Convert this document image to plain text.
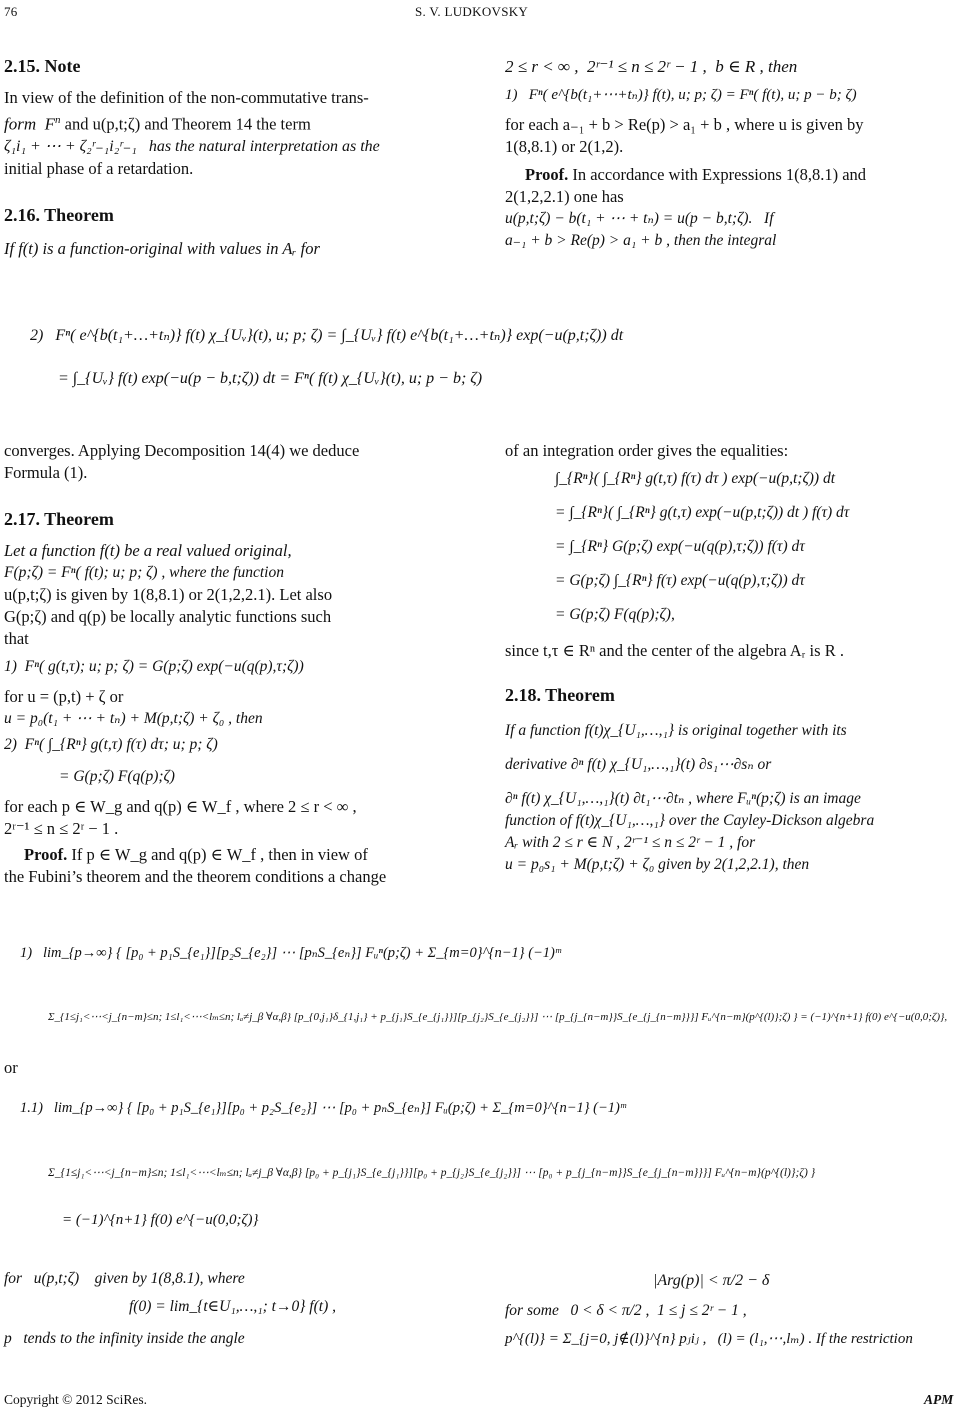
76	S. V. LUDKOVSKY

2.15. Note

In view of the definition of the non-commutative trans-

form  $F^n$ and u(p,t;ζ) and Theorem 14 the term

ζ₁i₁ + ⋯ + ζ₂ʳ₋₁i₂ʳ₋₁   has the natural interpretation as the

initial phase of a retardation.

2.16. Theorem

If f(t) is a function-original with values in Aᵣ for

2 ≤ r < ∞ ,  2ʳ⁻¹ ≤ n ≤ 2ʳ − 1 ,  b ∈ R , then

1)   Fⁿ( e^{b(t₁+⋯+tₙ)} f(t), u; p; ζ) = Fⁿ( f(t), u; p − b; ζ)

for each a₋₁ + b > Re(p) > a₁ + b , where u is given by

1(8,8.1) or 2(1,2).

Proof. In accordance with Expressions 1(8,8.1) and

2(1,2,2.1) one has

u(p,t;ζ) − b(t₁ + ⋯ + tₙ) = u(p − b,t;ζ).   If

a₋₁ + b > Re(p) > a₁ + b , then the integral

2)   Fⁿ( e^{b(t₁+…+tₙ)} f(t) χ_{Uᵥ}(t), u; p; ζ) = ∫_{Uᵥ} f(t) e^{b(t₁+…+tₙ)} exp(−u(p,t;ζ)) dt
= ∫_{Uᵥ} f(t) exp(−u(p − b,t;ζ)) dt = Fⁿ( f(t) χ_{Uᵥ}(t), u; p − b; ζ)

converges. Applying Decomposition 14(4) we deduce

Formula (1).

2.17. Theorem

Let a function f(t) be a real valued original,

F(p;ζ) = Fⁿ( f(t); u; p; ζ) , where the function

u(p,t;ζ) is given by 1(8,8.1) or 2(1,2,2.1). Let also

G(p;ζ) and q(p) be locally analytic functions such

that

1)  Fⁿ( g(t,τ); u; p; ζ) = G(p;ζ) exp(−u(q(p),τ;ζ))

for u = (p,t) + ζ or

u = p₀(t₁ + ⋯ + tₙ) + M(p,t;ζ) + ζ₀ , then

2)  Fⁿ( ∫_{Rⁿ} g(t,τ) f(τ) dτ; u; p; ζ)

= G(p;ζ) F(q(p);ζ)

for each p ∈ W_g and q(p) ∈ W_f , where 2 ≤ r < ∞ ,

2ʳ⁻¹ ≤ n ≤ 2ʳ − 1 .

Proof. If p ∈ W_g and q(p) ∈ W_f , then in view of

the Fubini’s theorem and the theorem conditions a change

of an integration order gives the equalities:

∫_{Rⁿ}( ∫_{Rⁿ} g(t,τ) f(τ) dτ ) exp(−u(p,t;ζ)) dt

= ∫_{Rⁿ}( ∫_{Rⁿ} g(t,τ) exp(−u(p,t;ζ)) dt ) f(τ) dτ

= ∫_{Rⁿ} G(p;ζ) exp(−u(q(p),τ;ζ)) f(τ) dτ

= G(p;ζ) ∫_{Rⁿ} f(τ) exp(−u(q(p),τ;ζ)) dτ

= G(p;ζ) F(q(p);ζ),

since t,τ ∈ Rⁿ and the center of the algebra Aᵣ is R .

2.18. Theorem

If a function f(t)χ_{U₁,…,₁} is original together with its

derivative ∂ⁿ f(t) χ_{U₁,…,₁}(t) ∂s₁⋯∂sₙ or

∂ⁿ f(t) χ_{U₁,…,₁}(t) ∂t₁⋯∂tₙ , where Fᵤⁿ(p;ζ) is an image

function of f(t)χ_{U₁,…,₁} over the Cayley-Dickson algebra

Aᵣ with 2 ≤ r ∈ N , 2ʳ⁻¹ ≤ n ≤ 2ʳ − 1 , for

u = p₀s₁ + M(p,t;ζ) + ζ₀ given by 2(1,2,2.1), then

1)   lim_{p→∞} { [p₀ + p₁S_{e₁}][p₂S_{e₂}] ⋯ [pₙS_{eₙ}] Fᵤⁿ(p;ζ) + Σ_{m=0}^{n−1} (−1)ᵐ
Σ_{1≤j₁<⋯<j_{n−m}≤n; 1≤l₁<⋯<lₘ≤n; lₐ≠j_β ∀α,β} [p_{0,j₁}δ_{1,j₁} + p_{j₁}S_{e_{j₁}}][p_{j₂}S_{e_{j₂}}] ⋯ [p_{j_{n−m}}S_{e_{j_{n−m}}}] Fᵤ^{n−m}(p^{(l)};ζ) } = (−1)^{n+1} f(0) e^{−u(0,0;ζ)},
or
1.1)   lim_{p→∞} { [p₀ + p₁S_{e₁}][p₀ + p₂S_{e₂}] ⋯ [p₀ + pₙS_{eₙ}] Fᵤ(p;ζ) + Σ_{m=0}^{n−1} (−1)ᵐ
Σ_{1≤j₁<⋯<j_{n−m}≤n; 1≤l₁<⋯<lₘ≤n; lₐ≠j_β ∀α,β} [p₀ + p_{j₁}S_{e_{j₁}}][p₀ + p_{j₂}S_{e_{j₂}}] ⋯ [p₀ + p_{j_{n−m}}S_{e_{j_{n−m}}}] Fᵤ^{n−m}(p^{(l)};ζ) }
= (−1)^{n+1} f(0) e^{−u(0,0;ζ)}

for   u(p,t;ζ)    given by 1(8,8.1), where

f(0) = lim_{t∈U₁,…,₁; t→0} f(t) ,

p   tends to the infinity inside the angle

|Arg(p)| < π/2 − δ

for some   0 < δ < π/2 ,  1 ≤ j ≤ 2ʳ − 1 ,

p^{(l)} = Σ_{j=0, j∉(l)}^{n} pⱼiⱼ ,   (l) = (l₁,⋯,lₘ) . If the restriction

Copyright © 2012 SciRes.	APM
